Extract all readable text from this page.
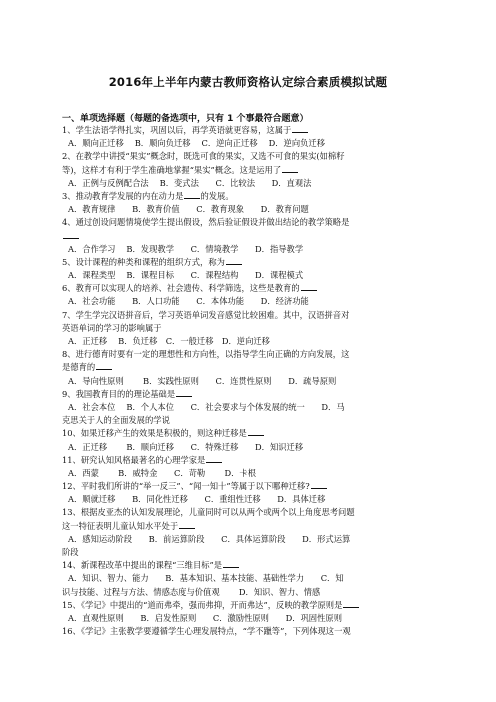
2016年上半年内蒙古教师资格认定综合素质模拟试题
一、单项选择题（每题的备选项中，只有 1 个事最符合题意）
1、学生法语学得扎实，巩固以后，再学英语就更容易，这属于
A．顺向正迁移　 B．顺向负迁移　 C．逆向正迁移　 D．逆向负迁移
2、在教学中讲授“果实”概念时，既选可食的果实，又选不可食的果实(如棉籽
等)，这样才有利于学生准确地掌握“果实”概念。这是运用了
A．正例与反例配合法　 B．变式法　　C．比较法　　D．直观法
3、推动教育学发展的内在动力是 的发展。
A．教育规律　　B．教育价值　　C．教育现象　　D．教育问题
4、通过创设问题情境使学生提出假设，然后验证假设并做出结论的教学策略是
A．合作学习　 B．发现教学　　C．情境教学　　D．指导教学
5、设计课程的种类和课程的组织方式，称为
A．课程类型　 B．课程目标　　C．课程结构　　D．课程模式
6、教育可以实现人的培养、社会遗传、科学筛选，这些是教育的
A．社会功能　　B．人口功能　　C．本体功能　　D．经济功能
7、学生学完汉语拼音后，学习英语单词发音感觉比较困难。其中，汉语拼音对
英语单词的学习的影响属于
A．正迁移　 B．负迁移　C．一般迁移　D．逆向迁移
8、进行德育时要有一定的理想性和方向性，以指导学生向正确的方向发展，这
是德育的
A．导向性原则　　 B．实践性原则　　C．连贯性原则　　D．疏导原则
9、我国教育目的的理论基础是
A．社会本位　 B．个人本位　　C．社会要求与个体发展的统一　　D．马
克思关于人的全面发展的学说
10、如果迁移产生的效果是积极的，则这种迁移是
A．正迁移　　 B．顺向迁移　　C．特殊迁移　　D．知识迁移
11、研究认知风格最著名的心理学家是
A．西蒙　　 B．威特金　　C．苛勒　　 D．卡根
12、平时我们所讲的“举一反三”、“闻一知十”等属于以下哪种迁移?
A．顺就迁移　　B．同化性迁移　　C．重组性迁移　　D．具体迁移
13、根据皮亚杰的认知发展理论，儿童同时可以从两个或两个以上角度思考问题
这一特征表明儿童认知水平处于
A．感知运动阶段　　B．前运算阶段　　C．具体运算阶段　　D．形式运算
阶段
14、新课程改革中提出的课程“三维目标”是
A．知识、智力、能力　　B．基本知识、基本技能、基础性学力　　C．知
识与技能、过程与方法、情感态度与价值观　　 D．知识、智力、情感
15、《学记》中提出的“道而弗牵，强而弗抑，开而弗达”，反映的教学原则是
A．直观性原则　　B．启发性原则　　C．激励性原则　　D．巩固性原则
16、《学记》主张教学要遵循学生心理发展特点，“学不躐等”，下列体现这一观
